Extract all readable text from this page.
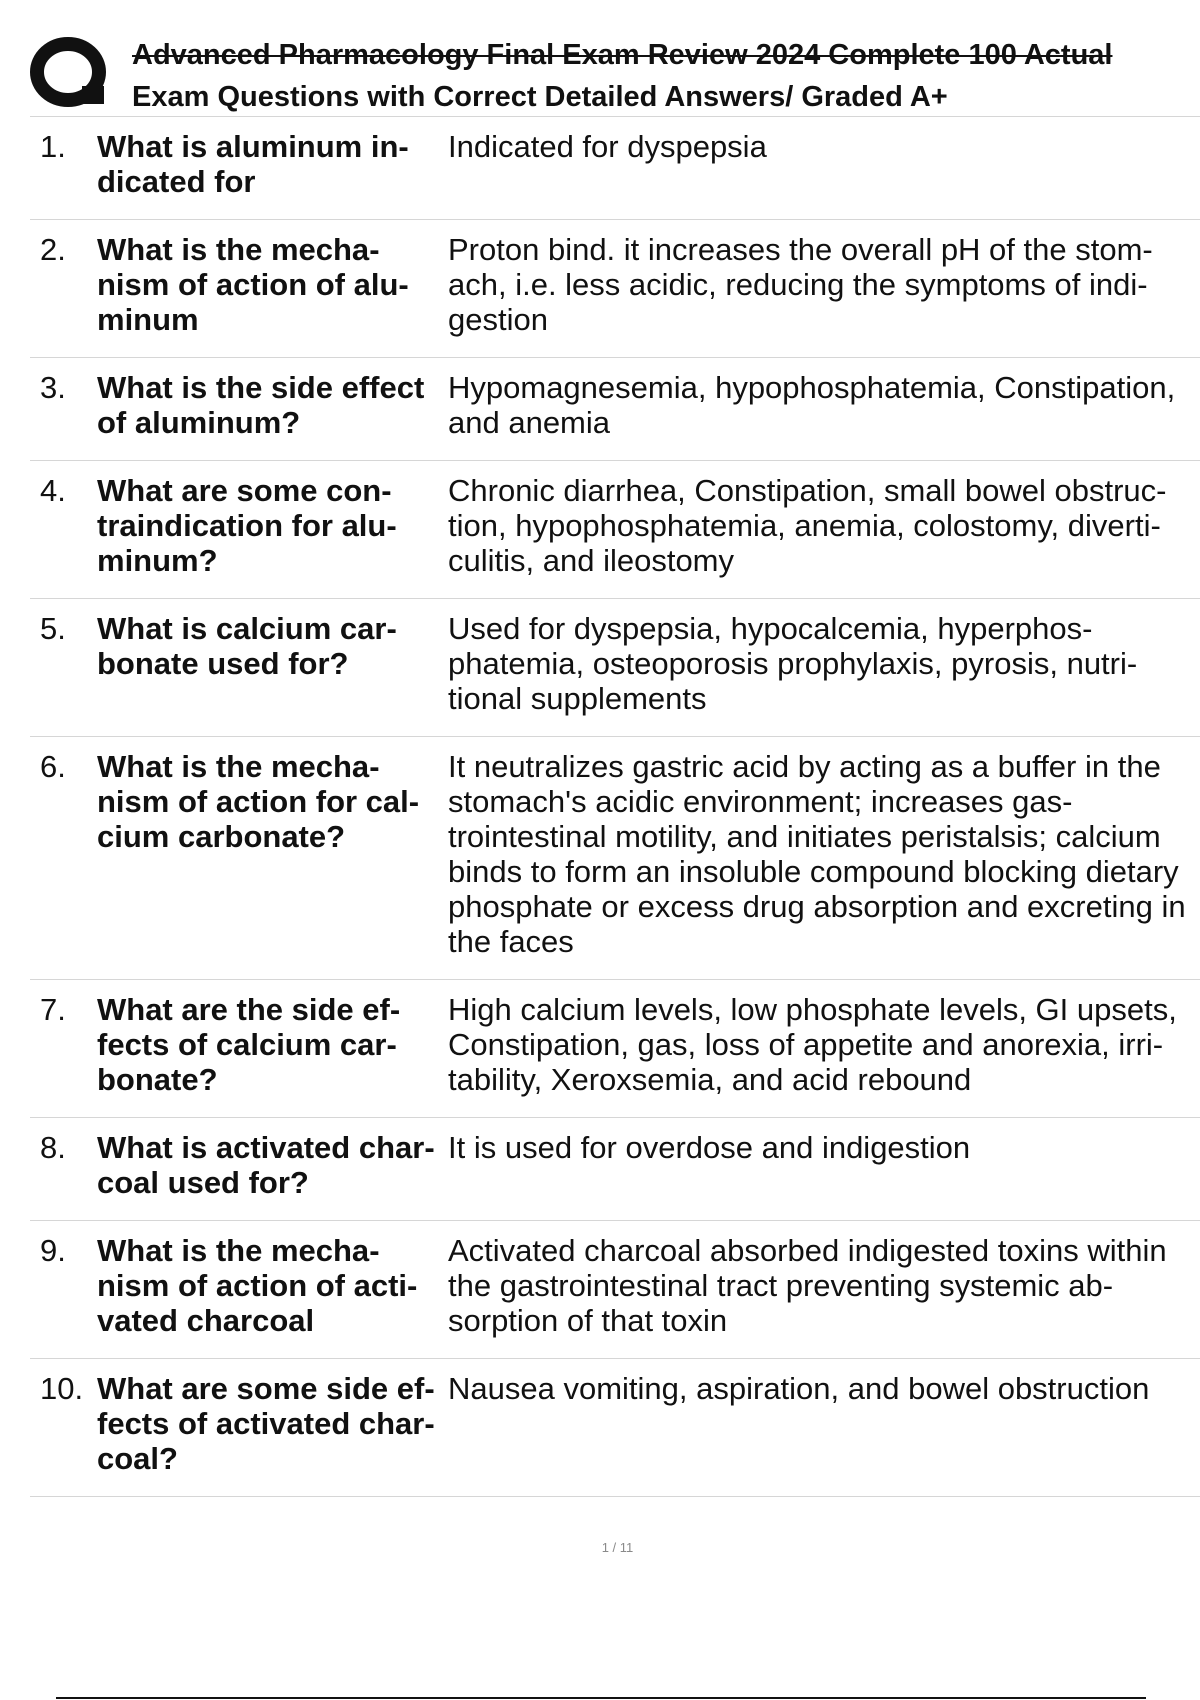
Advanced Pharmacology Final Exam Review 2024 Complete 100 Actual
Exam Questions with Correct Detailed Answers/ Graded A+
1.	What is aluminum indicated for	Indicated for dyspepsia
2.	What is the mechanism of action of aluminum	Proton bind. it increases the overall pH of the stomach, i.e. less acidic, reducing the symptoms of indigestion
3.	What is the side effect of aluminum?	Hypomagnesemia, hypophosphatemia, Constipation, and anemia
4.	What are some contraindication for aluminum?	Chronic diarrhea, Constipation, small bowel obstruction, hypophosphatemia, anemia, colostomy, diverticulitis, and ileostomy
5.	What is calcium carbonate used for?	Used for dyspepsia, hypocalcemia, hyperphosphatemia, osteoporosis prophylaxis, pyrosis, nutritional supplements
6.	What is the mechanism of action for calcium carbonate?	It neutralizes gastric acid by acting as a buffer in the stomach's acidic environment; increases gastrointestinal motility, and initiates peristalsis; calcium binds to form an insoluble compound blocking dietary phosphate or excess drug absorption and excreting in the faces
7.	What are the side effects of calcium carbonate?	High calcium levels, low phosphate levels, GI upsets, Constipation, gas, loss of appetite and anorexia, irritability, Xeroxsemia, and acid rebound
8.	What is activated charcoal used for?	It is used for overdose and indigestion
9.	What is the mechanism of action of activated charcoal	Activated charcoal absorbed indigested toxins within the gastrointestinal tract preventing systemic absorption of that toxin
10.	What are some side effects of activated charcoal?	Nausea vomiting, aspiration, and bowel obstruction
1 / 11
